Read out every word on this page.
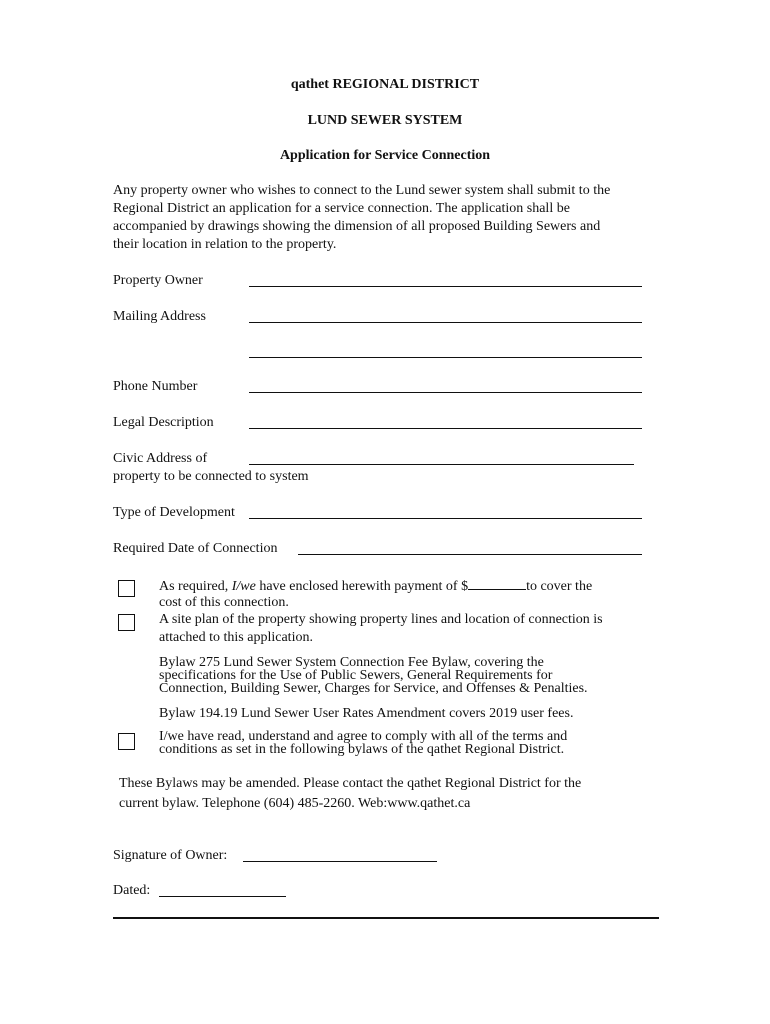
qathet REGIONAL DISTRICT
LUND SEWER SYSTEM
Application for Service Connection
Any property owner who wishes to connect to the Lund sewer system shall submit to the
Regional District an application for a service connection. The application shall be
accompanied by drawings showing the dimension of all proposed Building Sewers and
their location in relation to the property.
Property Owner
Mailing Address
Phone Number
Legal Description
Civic Address of
property to be connected to system
Type of Development
Required Date of Connection
As required, I/we have enclosed herewith payment of $	to cover the
cost of this connection.
A site plan of the property showing property lines and location of connection is
attached to this application.
Bylaw 275 Lund Sewer System Connection Fee Bylaw, covering the
specifications for the Use of Public Sewers, General Requirements for
Connection, Building Sewer, Charges for Service, and Offenses & Penalties.
Bylaw 194.19 Lund Sewer User Rates Amendment covers 2019 user fees.
I/we have read, understand and agree to comply with all of the terms and
conditions as set in the following bylaws of the qathet Regional District.
These Bylaws may be amended. Please contact the qathet Regional District for the
current bylaw. Telephone (604) 485-2260. Web:www.qathet.ca
Signature of Owner:
Dated:
